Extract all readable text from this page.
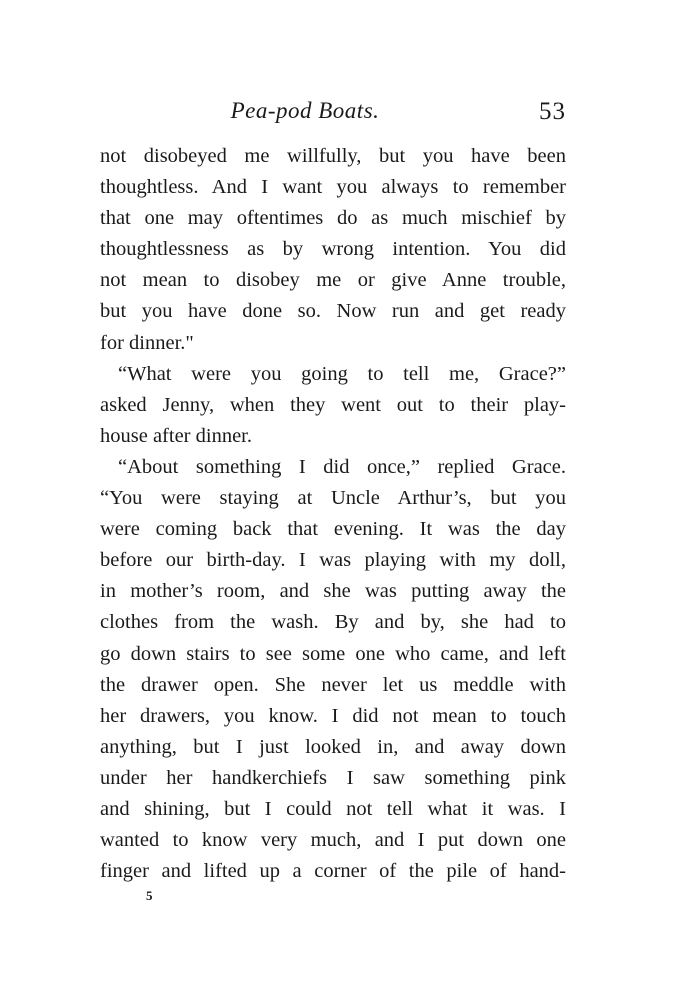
Pea-pod Boats.	53
not disobeyed me willfully, but you have been
thoughtless. And I want you always to remember
that one may oftentimes do as much mischief by
thoughtlessness as by wrong intention. You did
not mean to disobey me or give Anne trouble,
but you have done so. Now run and get ready
for dinner."
“What were you going to tell me, Grace?”
asked Jenny, when they went out to their play-
house after dinner.
“About something I did once,” replied Grace.
“You were staying at Uncle Arthur’s, but you
were coming back that evening. It was the day
before our birth-day. I was playing with my doll,
in mother’s room, and she was putting away the
clothes from the wash. By and by, she had to
go down stairs to see some one who came, and left
the drawer open. She never let us meddle with
her drawers, you know. I did not mean to touch
anything, but I just looked in, and away down
under her handkerchiefs I saw something pink
and shining, but I could not tell what it was. I
wanted to know very much, and I put down one
finger and lifted up a corner of the pile of hand-
5
